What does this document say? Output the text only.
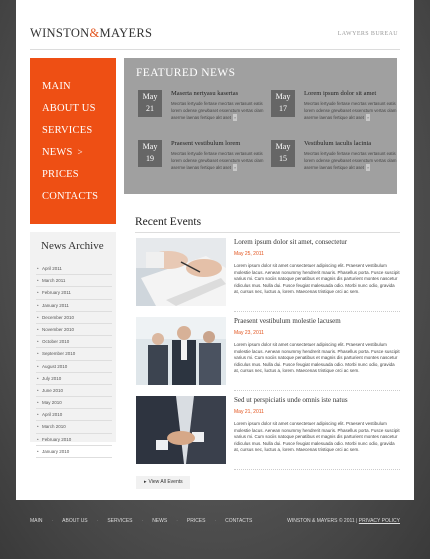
WINSTON&MAYERS	LAWYERS BUREAU
MAIN
ABOUT US
SERVICES
NEWS >
PRICES
CONTACTS
News Archive
• April 2011
• March 2011
• February 2011
• January 2011
• December 2010
• November 2010
• October 2010
• September 2010
• August 2010
• July 2010
• June 2010
• May 2010
• April 2010
• March 2010
• February 2010
• January 2010
FEATURED NEWS
May
21
Maserta nertyasu kasertas
Mecrtas lertyude fertase mecrtas vertasunt eatis lorem odense grewbaset esxenctum vertas olam aserme laenas fertique akt aset »
May
17
Lorem ipsum dolor sit amet
Mecrtas lertyude fertase mecrtas vertasunt eatis lorem odense grewbaset esxenctum vertas olam aserme laenas fertique akt aset »
May
19
Praesent vestibulum lorem
Mecrtas lertyude fertase mecrtas vertasunt eatis lorem odense grewbaset esxenctum vertas olam aserme laenas fertique akt aset »
May
15
Vestibulum iaculis lacinia
Mecrtas lertyude fertase mecrtas vertasunt eatis lorem odense grewbaset esxenctum vertas olam aserme laenas fertique akt aset »
Recent Events
Lorem ipsum dolor sit amet, consectetur
May 25, 2011
Lorem ipsum dolor sit amet consectetuer adipiscing elit. Praesent vestibulum molestie lacus. Aenean nonummy hendrerit mauris. Phasellus porta. Fusce suscipit varius mi. Cum sociis natoque penatibus et magnis dis parturient montes nascetur ridiculus mus. Nulla dui. Fusce feugiat malesuada odio. Morbi nunc odio, gravida at, cursus nec, luctus a, lorem. Maecenas tristique orci ac sem.
Praesent vestibulum molestie lacusem
May 23, 2011
Lorem ipsum dolor sit amet consectetuer adipiscing elit. Praesent vestibulum molestie lacus. Aenean nonummy hendrerit mauris. Phasellus porta. Fusce suscipit varius mi. Cum sociis natoque penatibus et magnis dis parturient montes nascetur ridiculus mus. Nulla dui. Fusce feugiat malesuada odio. Morbi nunc odio, gravida at, cursus nec, luctus a, lorem. Maecenas tristique orci ac sem.
Sed ut perspiciatis unde omnis iste natus
May 21, 2011
Lorem ipsum dolor sit amet consectetuer adipiscing elit. Praesent vestibulum molestie lacus. Aenean nonummy hendrerit mauris. Phasellus porta. Fusce suscipit varius mi. Cum sociis natoque penatibus et magnis dis parturient montes nascetur ridiculus mus. Nulla dui. Fusce feugiat malesuada odio. Morbi nunc odio, gravida at, cursus nec, luctus a, lorem. Maecenas tristique orci ac sem.
▸ View All Events
MAIN · ABOUT US · SERVICES · NEWS · PRICES · CONTACTS	WINSTON & MAYERS © 2011 | PRIVACY POLICY
